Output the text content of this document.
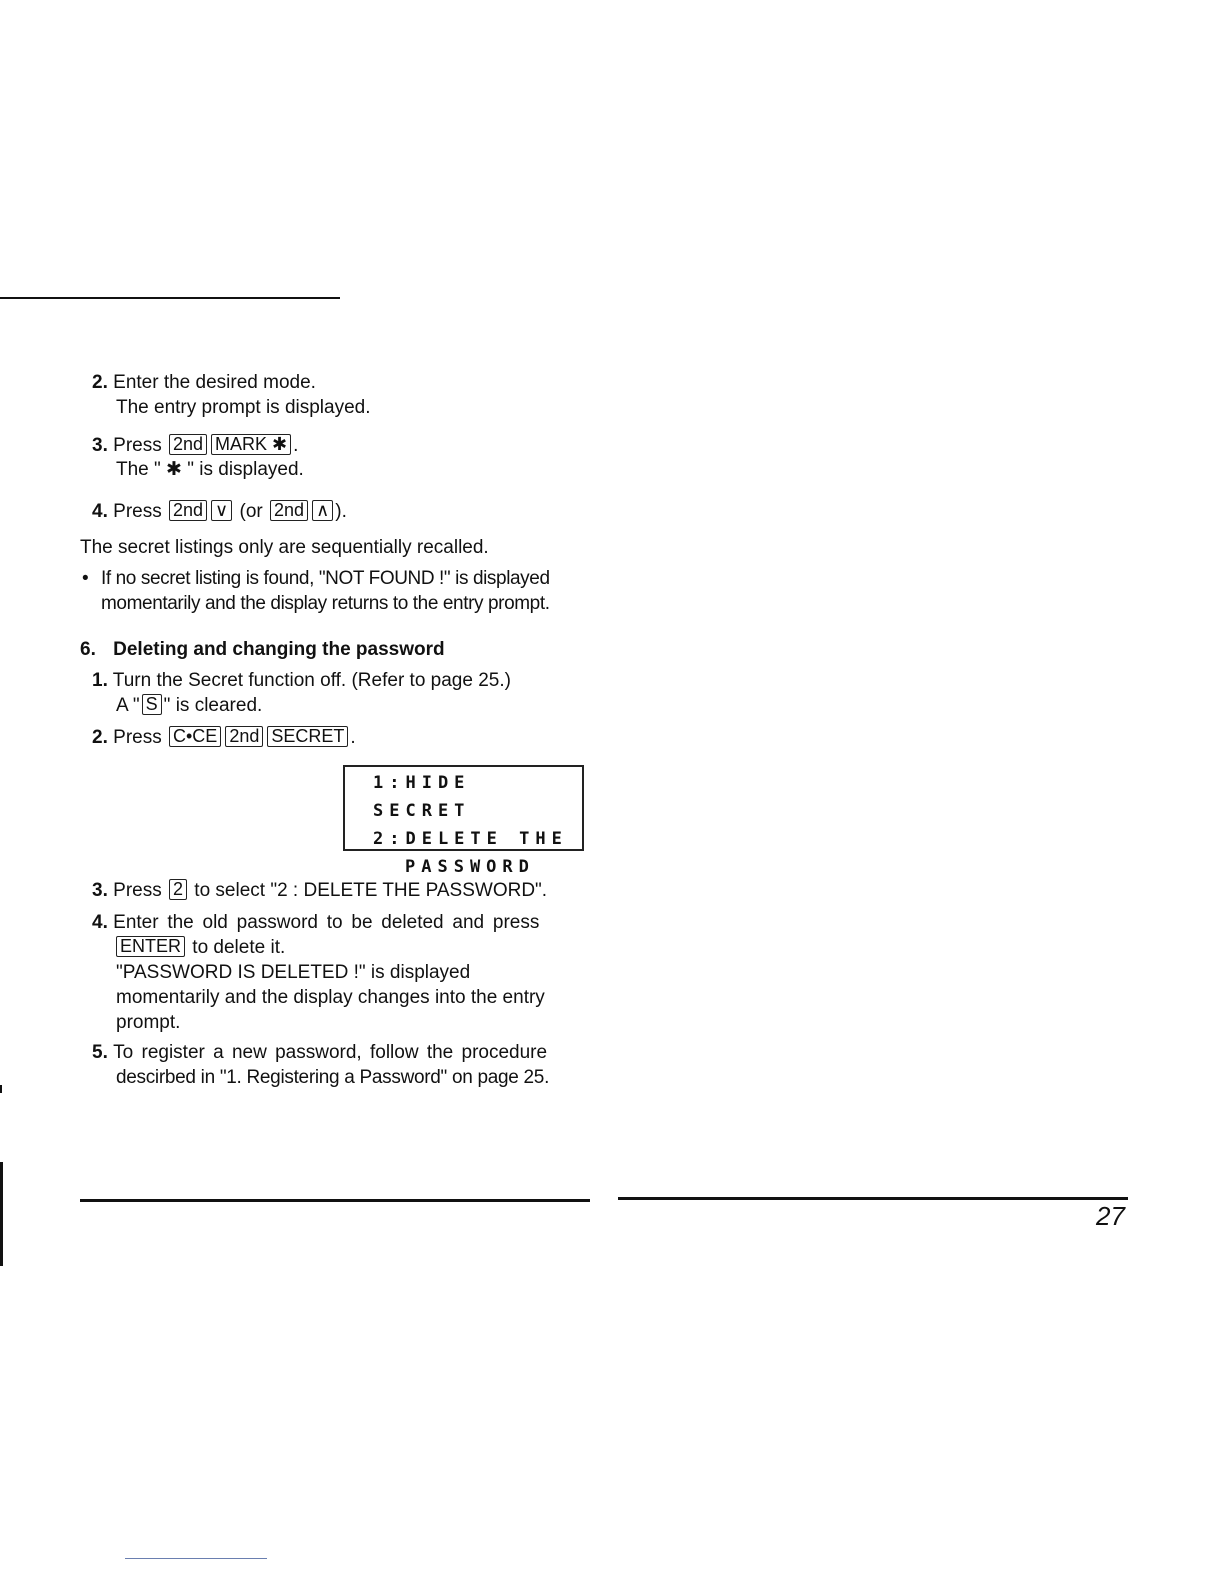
2. Enter the desired mode.
The entry prompt is displayed.
3. Press 2nd MARK ✱ .
The " ✱ " is displayed.
4. Press 2nd ∨ (or 2nd ∧ ).
The secret listings only are sequentially recalled.
• If no secret listing is found, "NOT FOUND !" is displayed
momentarily and the display returns to the entry prompt.
6. Deleting and changing the password
1. Turn the Secret function off. (Refer to page 25.)
A " S " is cleared.
2. Press C•CE 2nd SECRET .
1:HIDE SECRET
2:DELETE THE
PASSWORD
3. Press 2 to select "2 : DELETE THE PASSWORD".
4. Enter the old password to be deleted and press
ENTER to delete it.
"PASSWORD IS DELETED !" is displayed
momentarily and the display changes into the entry
prompt.
5. To register a new password, follow the procedure
descirbed in "1. Registering a Password" on page 25.
27
